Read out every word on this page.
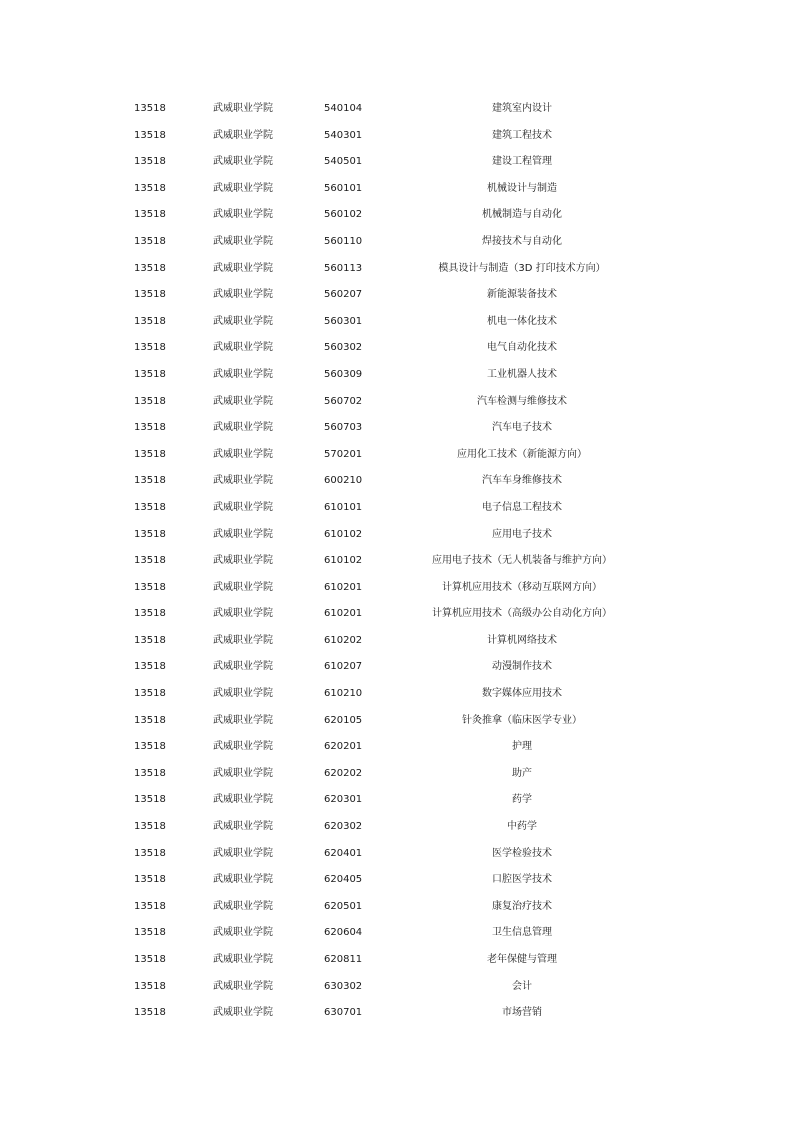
13518	武威职业学院	540104	建筑室内设计
13518	武威职业学院	540301	建筑工程技术
13518	武威职业学院	540501	建设工程管理
13518	武威职业学院	560101	机械设计与制造
13518	武威职业学院	560102	机械制造与自动化
13518	武威职业学院	560110	焊接技术与自动化
13518	武威职业学院	560113	模具设计与制造（3D 打印技术方向）
13518	武威职业学院	560207	新能源装备技术
13518	武威职业学院	560301	机电一体化技术
13518	武威职业学院	560302	电气自动化技术
13518	武威职业学院	560309	工业机器人技术
13518	武威职业学院	560702	汽车检测与维修技术
13518	武威职业学院	560703	汽车电子技术
13518	武威职业学院	570201	应用化工技术（新能源方向）
13518	武威职业学院	600210	汽车车身维修技术
13518	武威职业学院	610101	电子信息工程技术
13518	武威职业学院	610102	应用电子技术
13518	武威职业学院	610102	应用电子技术（无人机装备与维护方向）
13518	武威职业学院	610201	计算机应用技术（移动互联网方向）
13518	武威职业学院	610201	计算机应用技术（高级办公自动化方向）
13518	武威职业学院	610202	计算机网络技术
13518	武威职业学院	610207	动漫制作技术
13518	武威职业学院	610210	数字媒体应用技术
13518	武威职业学院	620105	针灸推拿（临床医学专业）
13518	武威职业学院	620201	护理
13518	武威职业学院	620202	助产
13518	武威职业学院	620301	药学
13518	武威职业学院	620302	中药学
13518	武威职业学院	620401	医学检验技术
13518	武威职业学院	620405	口腔医学技术
13518	武威职业学院	620501	康复治疗技术
13518	武威职业学院	620604	卫生信息管理
13518	武威职业学院	620811	老年保健与管理
13518	武威职业学院	630302	会计
13518	武威职业学院	630701	市场营销
